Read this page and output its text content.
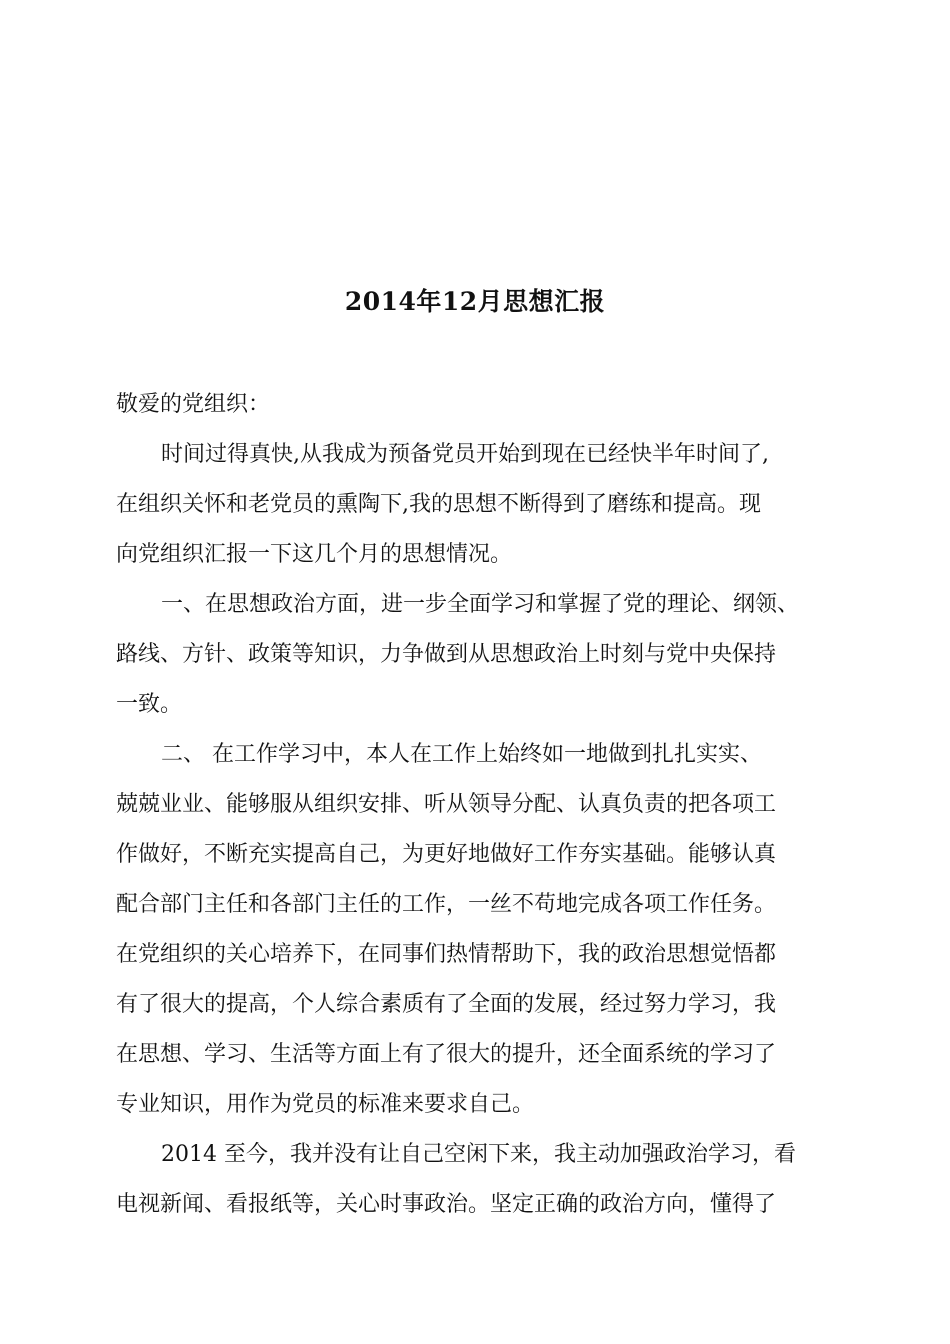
2014年12月思想汇报
敬爱的党组织：
时间过得真快,从我成为预备党员开始到现在已经快半年时间了,
在组织关怀和老党员的熏陶下,我的思想不断得到了磨练和提高。现
向党组织汇报一下这几个月的思想情况。
一、在思想政治方面，进一步全面学习和掌握了党的理论、纲领、
路线、方针、政策等知识，力争做到从思想政治上时刻与党中央保持
一致。
二、 在工作学习中，本人在工作上始终如一地做到扎扎实实、
兢兢业业、能够服从组织安排、听从领导分配、认真负责的把各项工
作做好，不断充实提高自己，为更好地做好工作夯实基础。能够认真
配合部门主任和各部门主任的工作，一丝不苟地完成各项工作任务。
在党组织的关心培养下，在同事们热情帮助下，我的政治思想觉悟都
有了很大的提高，个人综合素质有了全面的发展，经过努力学习，我
在思想、学习、生活等方面上有了很大的提升，还全面系统的学习了
专业知识，用作为党员的标准来要求自己。
2014 至今，我并没有让自己空闲下来，我主动加强政治学习，看
电视新闻、看报纸等，关心时事政治。坚定正确的政治方向，懂得了
